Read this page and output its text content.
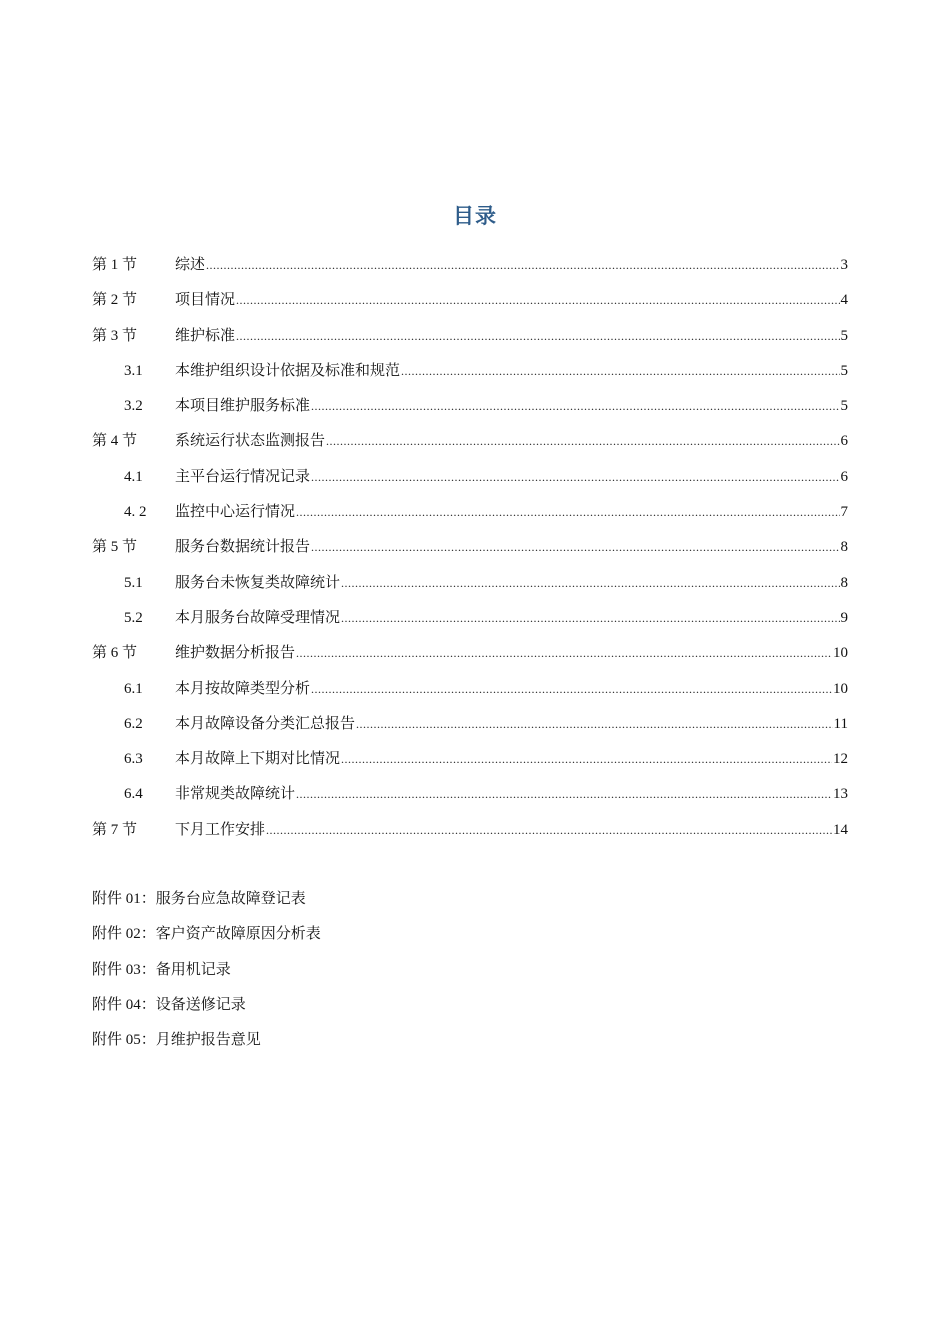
目录
第 1 节	综述 .....	3
第 2 节	项目情况 .....	4
第 3 节	维护标准 .....	5
3.1	本维护组织设计依据及标准和规范 .....	5
3.2	本项目维护服务标准 .....	5
第 4 节	系统运行状态监测报告 .....	6
4.1	主平台运行情况记录 .....	6
4. 2	监控中心运行情况 .....	7
第 5 节	服务台数据统计报告 .....	8
5.1	服务台未恢复类故障统计 .....	8
5.2	本月服务台故障受理情况 .....	9
第 6 节	维护数据分析报告 .....	10
6.1	本月按故障类型分析 .....	10
6.2	本月故障设备分类汇总报告 .....	11
6.3	本月故障上下期对比情况 .....	12
6.4	非常规类故障统计 .....	13
第 7 节	下月工作安排 .....	14
附件 01：服务台应急故障登记表
附件 02：客户资产故障原因分析表
附件 03：备用机记录
附件 04：设备送修记录
附件 05：月维护报告意见
